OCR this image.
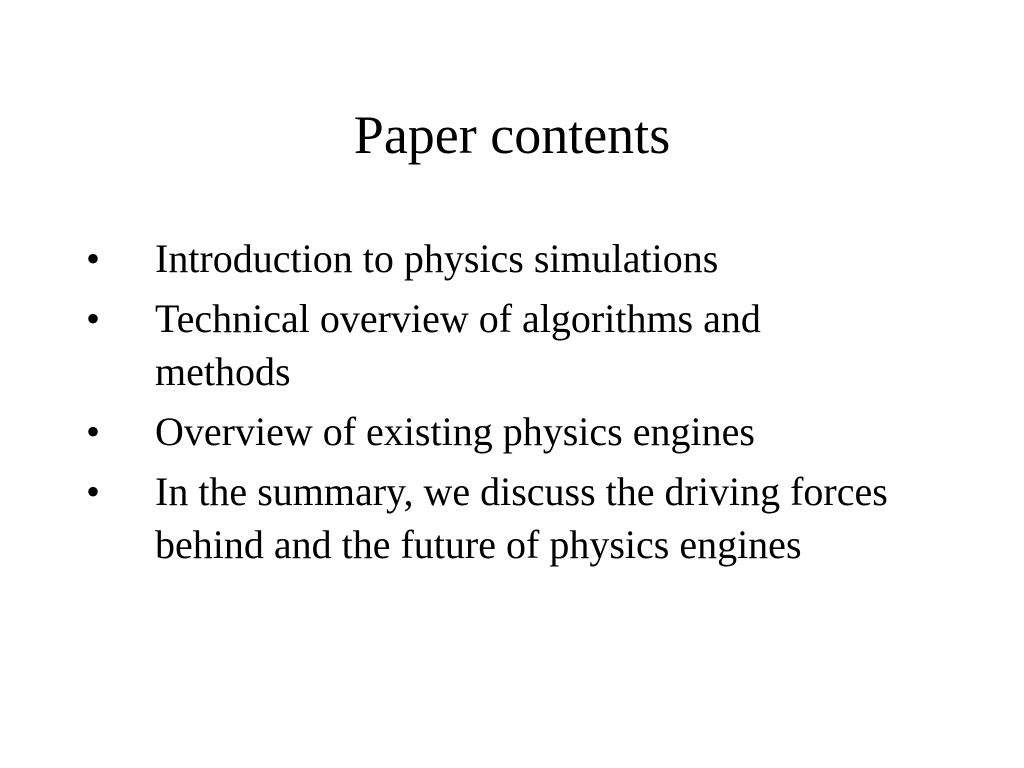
Paper contents
•	Introduction to physics simulations
•	Technical overview of algorithms and methods
•	Overview of existing physics engines
•	In the summary, we discuss the driving forces behind and the future of physics engines
